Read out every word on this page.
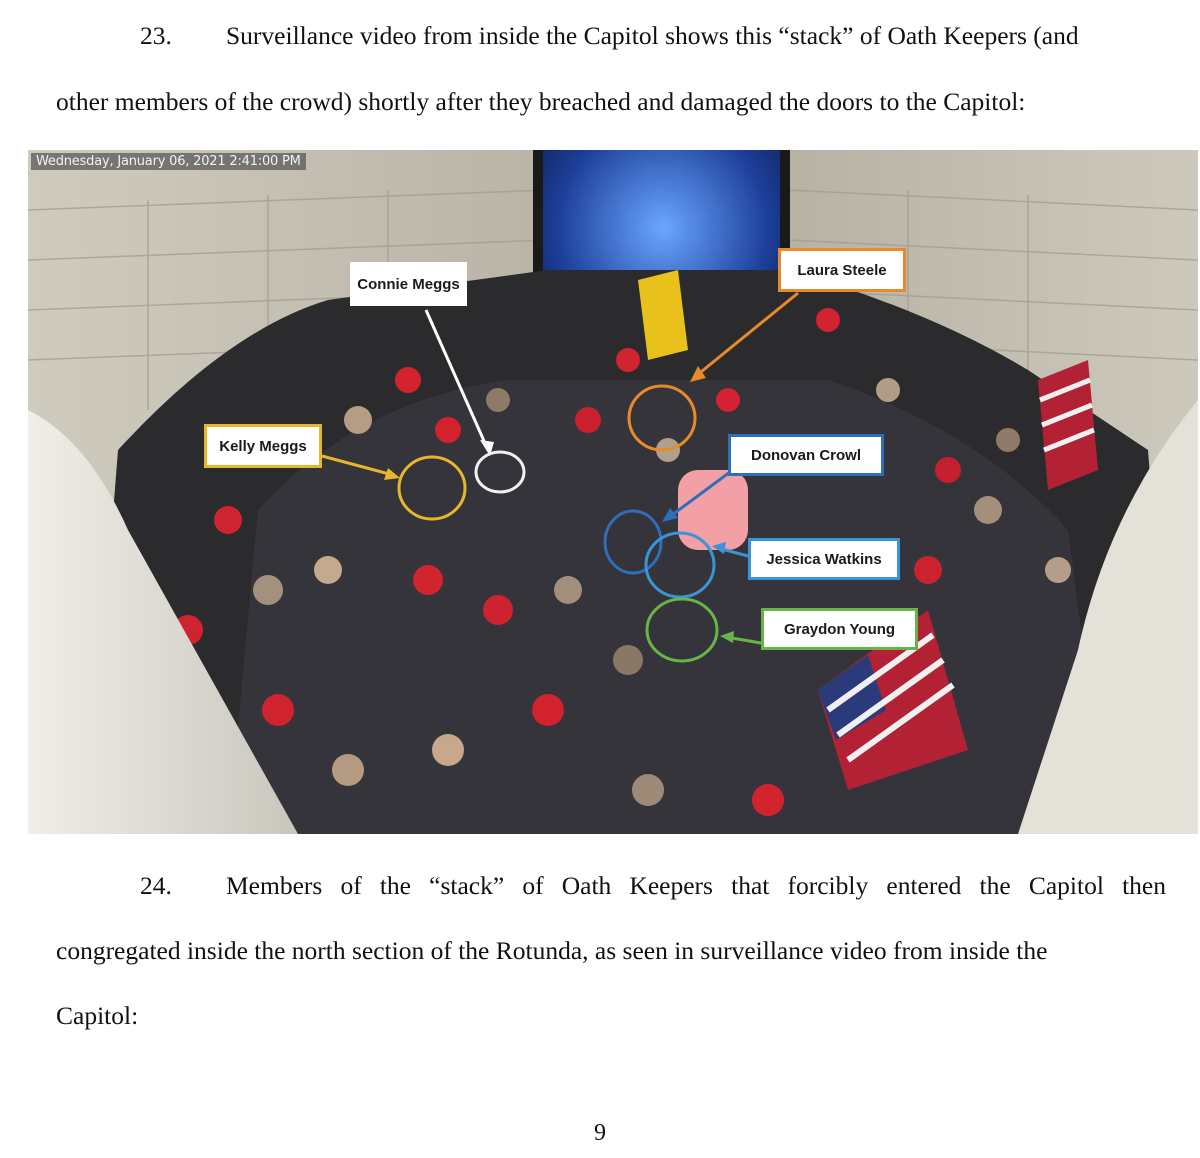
23. Surveillance video from inside the Capitol shows this “stack” of Oath Keepers (and
other members of the crowd) shortly after they breached and damaged the doors to the Capitol:
Wednesday, January 06, 2021 2:41:00 PM
Connie Meggs
Laura Steele
Kelly Meggs
Donovan Crowl
Jessica Watkins
Graydon Young
24. Members of the “stack” of Oath Keepers that forcibly entered the Capitol then
congregated inside the north section of the Rotunda, as seen in surveillance video from inside the
Capitol:
9
